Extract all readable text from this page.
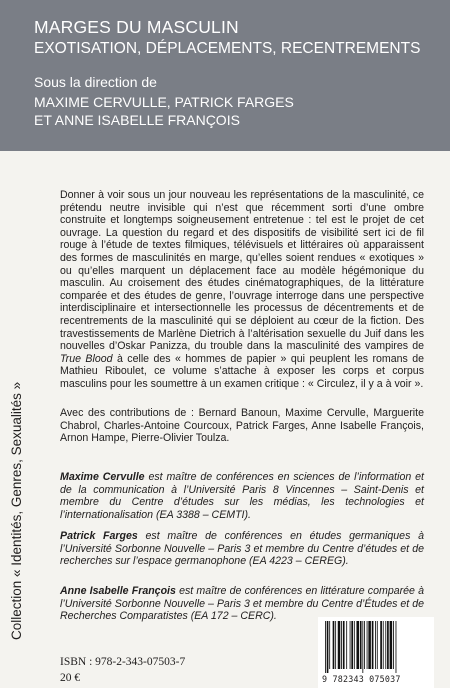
MARGES DU MASCULIN
EXOTISATION, DÉPLACEMENTS, RECENTREMENTS
Sous la direction de
MAXIME CERVULLE, PATRICK FARGES
ET ANNE ISABELLE FRANÇOIS
Collection « Identités, Genres, Sexualités »

Donner à voir sous un jour nouveau les représentations de la masculinité, ce prétendu neutre invisible qui n’est que récemment sorti d’une ombre construite et longtemps soigneusement entretenue : tel est le projet de cet ouvrage. La question du regard et des dispositifs de visibilité sert ici de fil rouge à l’étude de textes filmiques, télévisuels et littéraires où apparaissent des formes de masculinités en marge, qu’elles soient rendues « exotiques » ou qu’elles marquent un déplacement face au modèle hégémonique du masculin. Au croisement des études cinématographiques, de la littérature comparée et des études de genre, l’ouvrage interroge dans une perspective interdisciplinaire et intersectionnelle les processus de décentrements et de recentrements de la masculinité qui se déploient au cœur de la fiction. Des travestissements de Marlène Dietrich à l’altérisation sexuelle du Juif dans les nouvelles d’Oskar Panizza, du trouble dans la masculinité des vampires de True Blood à celle des « hommes de papier » qui peuplent les romans de Mathieu Riboulet, ce volume s’attache à exposer les corps et corpus masculins pour les soumettre à un examen critique : « Circulez, il y a à voir ».

Avec des contributions de : Bernard Banoun, Maxime Cervulle, Marguerite Chabrol, Charles-Antoine Courcoux, Patrick Farges, Anne Isabelle François, Arnon Hampe, Pierre-Olivier Toulza.
Maxime Cervulle est maître de conférences en sciences de l’information et de la communication à l’Université Paris 8 Vincennes – Saint-Denis et membre du Centre d’études sur les médias, les technologies et l’internationalisation (EA 3388 – CEMTI).
Patrick Farges est maître de conférences en études germaniques à l’Université Sorbonne Nouvelle – Paris 3 et membre du Centre d’études et de recherches sur l’espace germanophone (EA 4223 – CEREG).
Anne Isabelle François est maître de conférences en littérature comparée à l’Université Sorbonne Nouvelle – Paris 3 et membre du Centre d’Études et de Recherches Comparatistes (EA 172 – CERC).
ISBN : 978-2-343-07503-7
20 €	9 782343 075037
